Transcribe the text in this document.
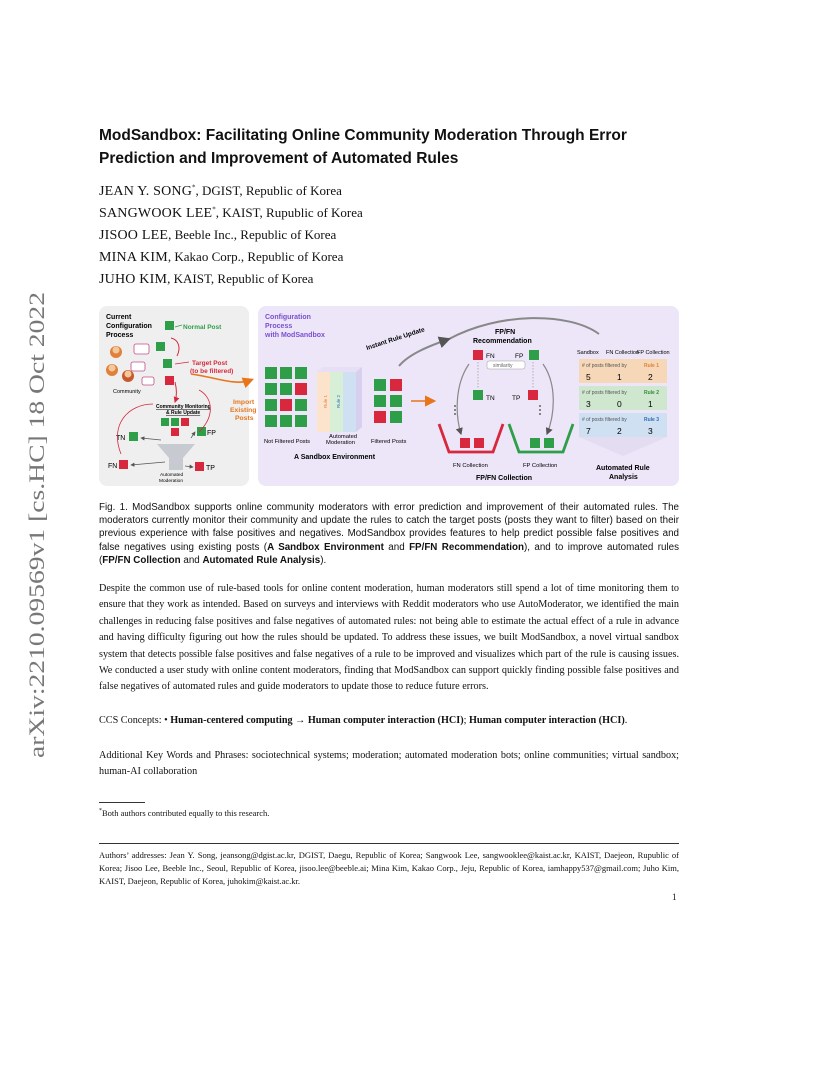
arXiv:2210.09569v1 [cs.HC] 18 Oct 2022
ModSandbox: Facilitating Online Community Moderation Through Error
Prediction and Improvement of Automated Rules
JEAN Y. SONG*, DGIST, Republic of Korea
SANGWOOK LEE*, KAIST, Rupublic of Korea
JISOO LEE, Beeble Inc., Republic of Korea
MINA KIM, Kakao Corp., Republic of Korea
JUHO KIM, KAIST, Republic of Korea
Current
Configuration
Process
Normal Post
Community
Target Post
(to be filtered)
Community Monitoring
& Rule Update
TN
FP
FN	TP
Automated
Moderation
Import
Existing
Posts
Configuration
Process
with ModSandbox
Not Filtered Posts
Rule 1 Rule 2
Automated
Moderation	Filtered Posts
A Sandbox Environment
Instant Rule Update	FP/FN
Recommendation
FN	FP
similarity
TN	TP
FN Collection	FP Collection
FP/FN Collection
Sandbox FN Collection
FP Collection
# of posts filtered by	Rule 1
5	1	2
# of posts filtered by	Rule 2
3	0	1
# of posts filtered by	Rule 3
7	2	3
Automated Rule
Analysis
Fig. 1. ModSandbox supports online community moderators with error prediction and improvement of their automated rules. The moderators currently monitor their community and update the rules to catch the target posts (posts they want to filter) based on their previous experience with false positives and negatives. ModSandbox provides features to help predict possible false positives and false negatives using existing posts (A Sandbox Environment and FP/FN Recommendation), and to improve automated rules (FP/FN Collection and Automated Rule Analysis).
Despite the common use of rule-based tools for online content moderation, human moderators still spend a lot of time monitoring them to ensure that they work as intended. Based on surveys and interviews with Reddit moderators who use AutoModerator, we identified the main challenges in reducing false positives and false negatives of automated rules: not being able to estimate the actual effect of a rule in advance and having difficulty figuring out how the rules should be updated. To address these issues, we built ModSandbox, a novel virtual sandbox system that detects possible false positives and false negatives of a rule to be improved and visualizes which part of the rule is causing issues. We conducted a user study with online content moderators, finding that ModSandbox can support quickly finding possible false positives and false negatives of automated rules and guide moderators to update those to reduce future errors.
CCS Concepts: • Human-centered computing → Human computer interaction (HCI); Human computer interaction (HCI).
Additional Key Words and Phrases: sociotechnical systems; moderation; automated moderation bots; online communities; virtual sandbox; human-AI collaboration
*Both authors contributed equally to this research.
Authors’ addresses: Jean Y. Song, jeansong@dgist.ac.kr, DGIST, Daegu, Republic of Korea; Sangwook Lee, sangwooklee@kaist.ac.kr, KAIST, Daejeon, Rupublic of Korea; Jisoo Lee, Beeble Inc., Seoul, Republic of Korea, jisoo.lee@beeble.ai; Mina Kim, Kakao Corp., Jeju, Republic of Korea, iamhappy537@gmail.com; Juho Kim, KAIST, Daejeon, Republic of Korea, juhokim@kaist.ac.kr.
1
